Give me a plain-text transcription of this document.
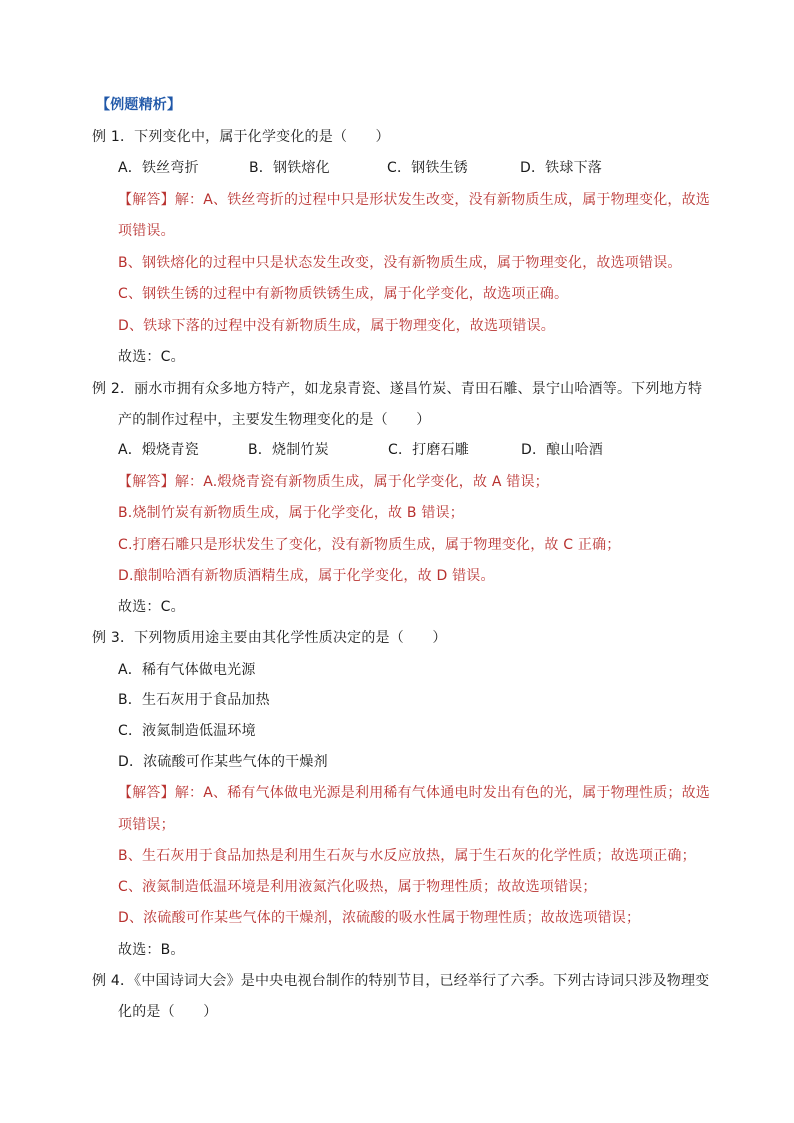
【例题精析】
例 1．下列变化中，属于化学变化的是（　　）
A．铁丝弯折	B．钢铁熔化	C．钢铁生锈	D．铁球下落
【解答】解：A、铁丝弯折的过程中只是形状发生改变，没有新物质生成，属于物理变化，故选
项错误。
B、钢铁熔化的过程中只是状态发生改变，没有新物质生成，属于物理变化，故选项错误。
C、钢铁生锈的过程中有新物质铁锈生成，属于化学变化，故选项正确。
D、铁球下落的过程中没有新物质生成，属于物理变化，故选项错误。
故选：C。
例 2．丽水市拥有众多地方特产，如龙泉青瓷、遂昌竹炭、青田石雕、景宁山哈酒等。下列地方特
产的制作过程中，主要发生物理变化的是（　　）
A．煅烧青瓷	B．烧制竹炭	C．打磨石雕	D．酿山哈酒
【解答】解：A.煅烧青瓷有新物质生成，属于化学变化，故 A 错误；
B.烧制竹炭有新物质生成，属于化学变化，故 B 错误；
C.打磨石雕只是形状发生了变化，没有新物质生成，属于物理变化，故 C 正确；
D.酿制哈酒有新物质酒精生成，属于化学变化，故 D 错误。
故选：C。
例 3．下列物质用途主要由其化学性质决定的是（　　）
A．稀有气体做电光源
B．生石灰用于食品加热
C．液氮制造低温环境
D．浓硫酸可作某些气体的干燥剂
【解答】解：A、稀有气体做电光源是利用稀有气体通电时发出有色的光，属于物理性质；故选
项错误；
B、生石灰用于食品加热是利用生石灰与水反应放热，属于生石灰的化学性质；故选项正确；
C、液氮制造低温环境是利用液氮汽化吸热，属于物理性质；故故选项错误；
D、浓硫酸可作某些气体的干燥剂，浓硫酸的吸水性属于物理性质；故故选项错误；
故选：B。
例 4．《中国诗词大会》是中央电视台制作的特别节目，已经举行了六季。下列古诗词只涉及物理变
化的是（　　）
